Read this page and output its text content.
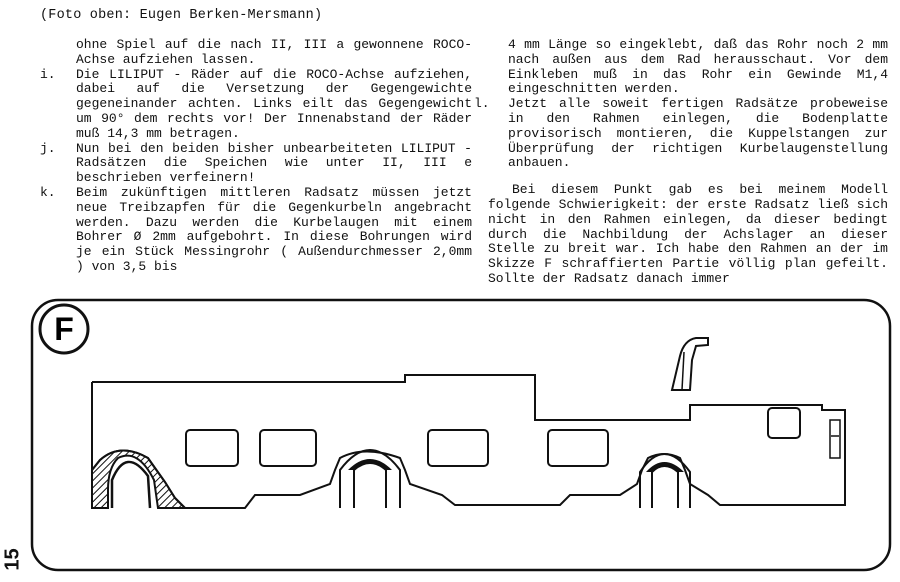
(Foto oben: Eugen Berken-Mersmann)

ohne Spiel auf die nach II, III a gewonnene ROCO-Achse aufziehen lassen.

i. Die LILIPUT - Räder auf die ROCO-Achse aufziehen, dabei auf die Versetzung der Gegengewichte gegeneinander achten. Links eilt das Gegengewicht um 90° dem rechts vor! Der Innenabstand der Räder muß 14,3 mm betragen.
j. Nun bei den beiden bisher unbearbeiteten LILIPUT - Radsätzen die Speichen wie unter II, III e beschrieben verfeinern!
k. Beim zukünftigen mittleren Radsatz müssen jetzt neue Treibzapfen für die Gegenkurbeln angebracht werden. Dazu werden die Kurbelaugen mit einem Bohrer Ø 2mm aufgebohrt. In diese Bohrungen wird je ein Stück Messingrohr ( Außendurchmesser 2,0mm ) von 3,5 bis

4 mm Länge so eingeklebt, daß das Rohr noch 2 mm nach außen aus dem Rad herausschaut. Vor dem Einkleben muß in das Rohr ein Gewinde M1,4 eingeschnitten werden.

l. Jetzt alle soweit fertigen Radsätze probeweise in den Rahmen einlegen, die Bodenplatte provisorisch montieren, die Kuppelstangen zur Überprüfung der richtigen Kurbelaugenstellung anbauen.

Bei diesem Punkt gab es bei meinem Modell folgende Schwierigkeit: der erste Radsatz ließ sich nicht in den Rahmen einlegen, da dieser bedingt durch die Nachbildung der Achslager an dieser Stelle zu breit war. Ich habe den Rahmen an der im Skizze F schraffierten Partie völlig plan gefeilt. Sollte der Radsatz danach immer

F
15
